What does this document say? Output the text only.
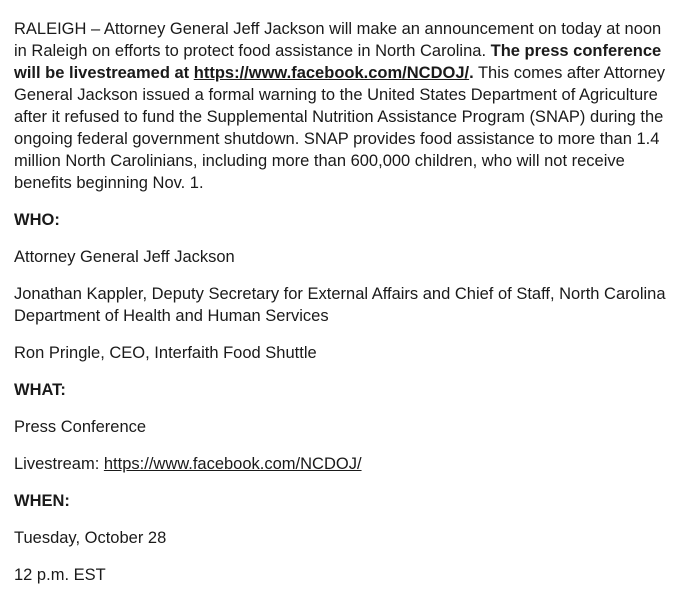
RALEIGH – Attorney General Jeff Jackson will make an announcement on today at noon in Raleigh on efforts to protect food assistance in North Carolina. The press conference will be livestreamed at https://www.facebook.com/NCDOJ/. This comes after Attorney General Jackson issued a formal warning to the United States Department of Agriculture after it refused to fund the Supplemental Nutrition Assistance Program (SNAP) during the ongoing federal government shutdown. SNAP provides food assistance to more than 1.4 million North Carolinians, including more than 600,000 children, who will not receive benefits beginning Nov. 1.

WHO:

Attorney General Jeff Jackson

Jonathan Kappler, Deputy Secretary for External Affairs and Chief of Staff, North Carolina Department of Health and Human Services

Ron Pringle, CEO, Interfaith Food Shuttle

WHAT:

Press Conference

Livestream: https://www.facebook.com/NCDOJ/

WHEN:

Tuesday, October 28

12 p.m. EST
